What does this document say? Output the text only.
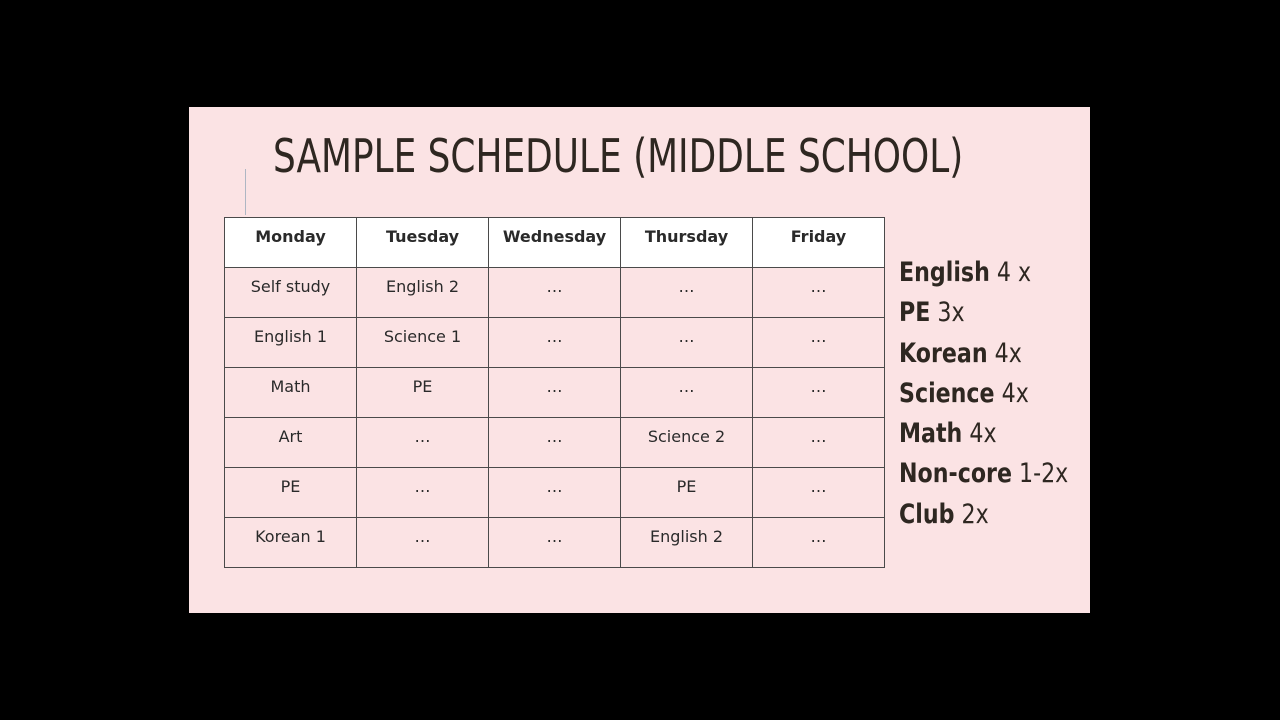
SAMPLE SCHEDULE (MIDDLE SCHOOL)
Monday	Tuesday	Wednesday	Thursday	Friday
Self study	English 2	…	…	…
English 1	Science 1	…	…	…
Math	PE	…	…	…
Art	…	…	Science 2	…
PE	…	…	PE	…
Korean 1	…	…	English 2	…
English 4 x
PE 3x
Korean 4x
Science 4x
Math 4x
Non-core 1-2x
Club 2x
